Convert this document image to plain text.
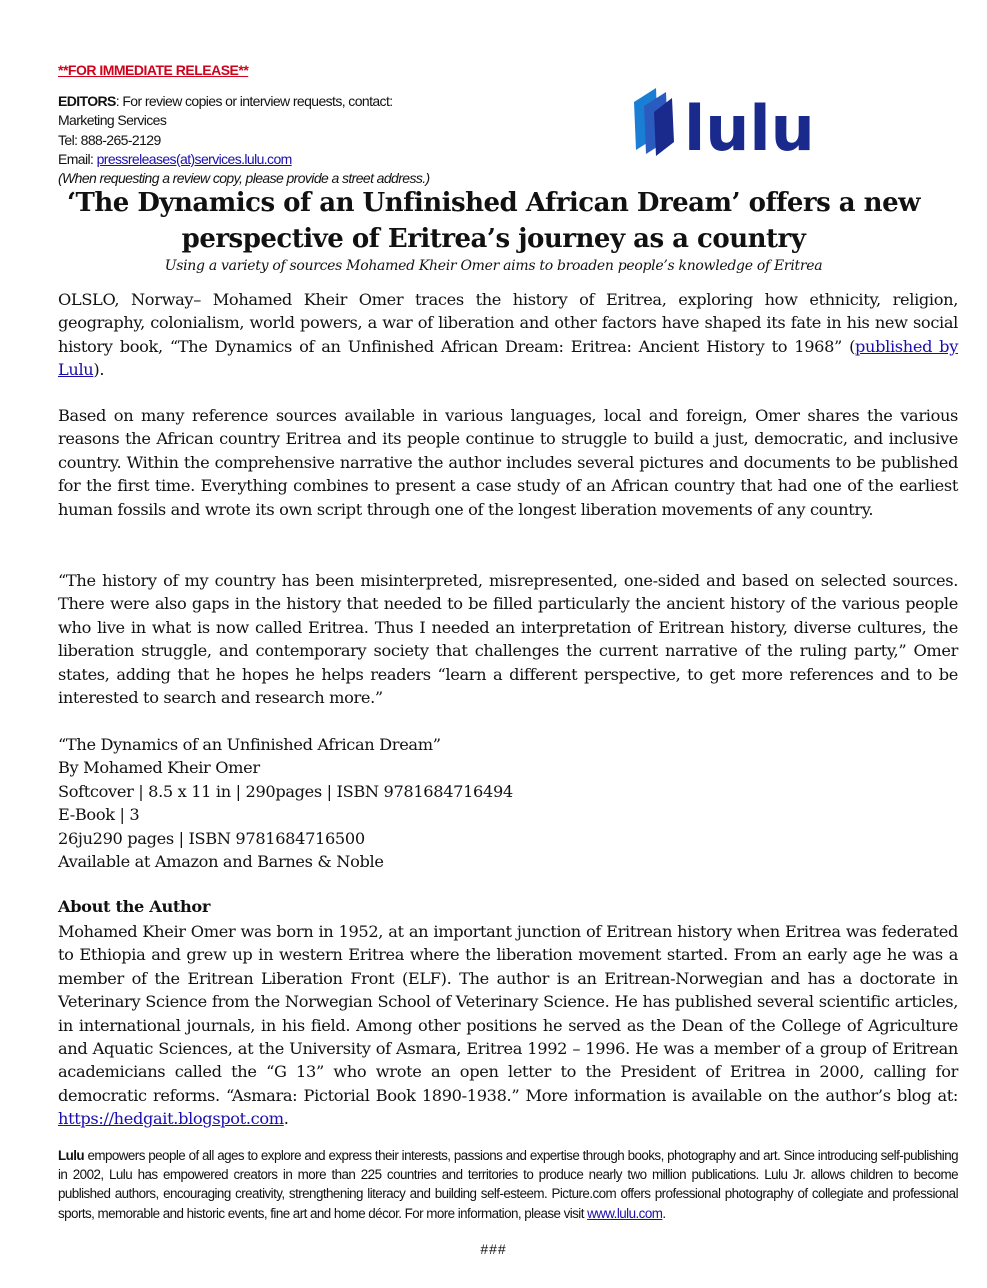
**FOR IMMEDIATE RELEASE**
EDITORS: For review copies or interview requests, contact:
Marketing Services
Tel: 888-265-2129
Email: pressreleases(at)services.lulu.com
(When requesting a review copy, please provide a street address.)
lulu
‘The Dynamics of an Unfinished African Dream’ offers a new perspective of Eritrea’s journey as a country
Using a variety of sources Mohamed Kheir Omer aims to broaden people’s knowledge of Eritrea
OLSLO, Norway– Mohamed Kheir Omer traces the history of Eritrea, exploring how ethnicity, religion, geography, colonialism, world powers, a war of liberation and other factors have shaped its fate in his new social history book, “The Dynamics of an Unfinished African Dream: Eritrea: Ancient History to 1968” (published by Lulu).
Based on many reference sources available in various languages, local and foreign, Omer shares the various reasons the African country Eritrea and its people continue to struggle to build a just, democratic, and inclusive country. Within the comprehensive narrative the author includes several pictures and documents to be published for the first time. Everything combines to present a case study of an African country that had one of the earliest human fossils and wrote its own script through one of the longest liberation movements of any country.
“The history of my country has been misinterpreted, misrepresented, one-sided and based on selected sources. There were also gaps in the history that needed to be filled particularly the ancient history of the various people who live in what is now called Eritrea. Thus I needed an interpretation of Eritrean history, diverse cultures, the liberation struggle, and contemporary society that challenges the current narrative of the ruling party,” Omer states, adding that he hopes he helps readers “learn a different perspective, to get more references and to be interested to search and research more.”
“The Dynamics of an Unfinished African Dream”
By Mohamed Kheir Omer
Softcover | 8.5 x 11 in | 290pages | ISBN 9781684716494
E-Book | 3
26ju290 pages | ISBN 9781684716500
Available at Amazon and Barnes & Noble
About the Author
Mohamed Kheir Omer was born in 1952, at an important junction of Eritrean history when Eritrea was federated to Ethiopia and grew up in western Eritrea where the liberation movement started. From an early age he was a member of the Eritrean Liberation Front (ELF). The author is an Eritrean-Norwegian and has a doctorate in Veterinary Science from the Norwegian School of Veterinary Science. He has published several scientific articles, in international journals, in his field. Among other positions he served as the Dean of the College of Agriculture and Aquatic Sciences, at the University of Asmara, Eritrea 1992 – 1996. He was a member of a group of Eritrean academicians called the “G 13” who wrote an open letter to the President of Eritrea in 2000, calling for democratic reforms. “Asmara: Pictorial Book 1890-1938.” More information is available on the author’s blog at: https://hedgait.blogspot.com.
Lulu empowers people of all ages to explore and express their interests, passions and expertise through books, photography and art. Since introducing self-publishing in 2002, Lulu has empowered creators in more than 225 countries and territories to produce nearly two million publications. Lulu Jr. allows children to become published authors, encouraging creativity, strengthening literacy and building self-esteem. Picture.com offers professional photography of collegiate and professional sports, memorable and historic events, fine art and home décor. For more information, please visit www.lulu.com.
###
